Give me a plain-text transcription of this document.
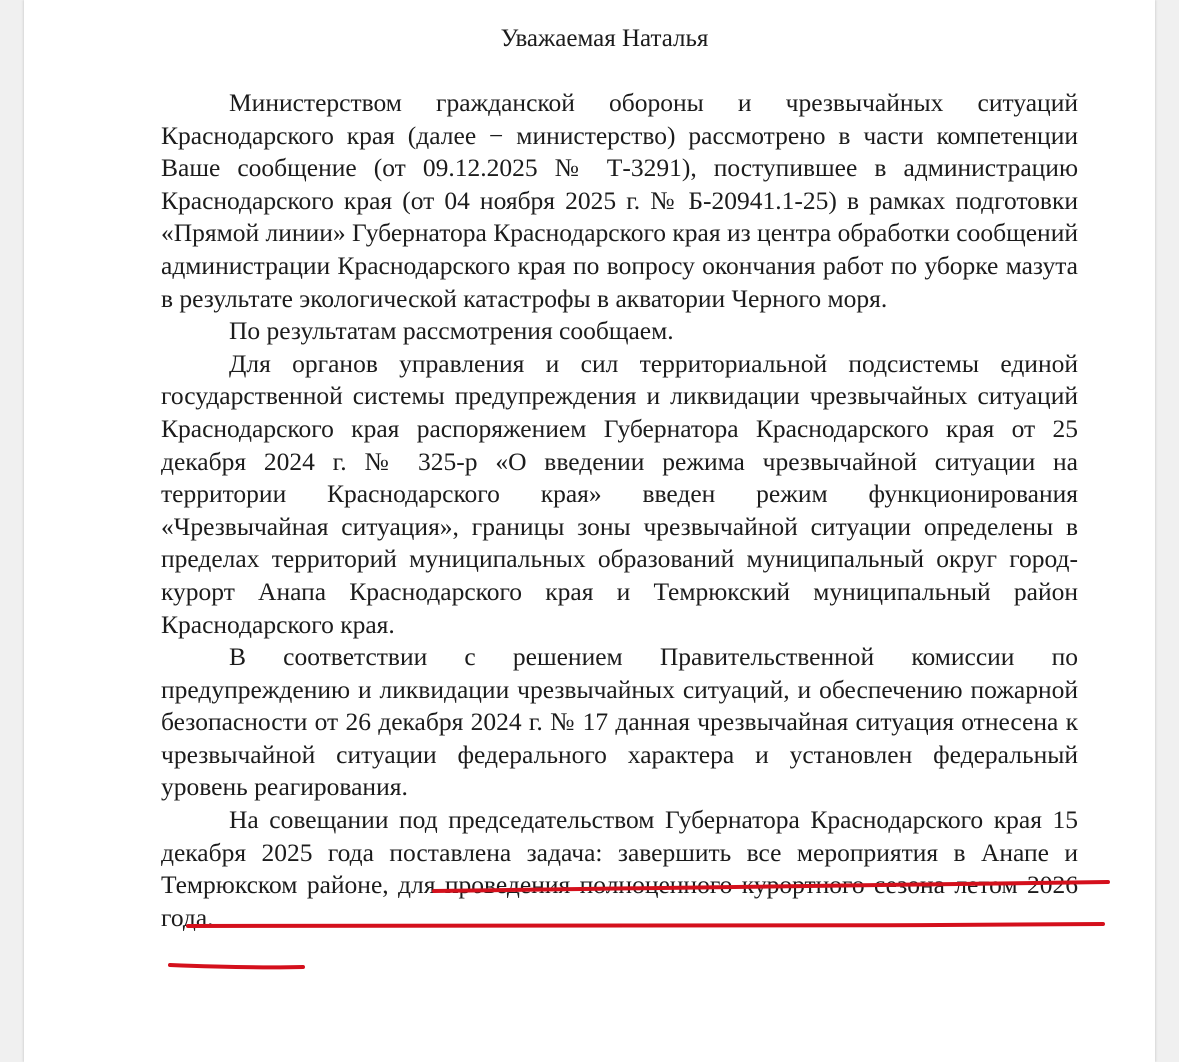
Уважаемая Наталья

Министерством гражданской обороны и чрезвычайных ситуаций Краснодарского края (далее − министерство) рассмотрено в части компетенции Ваше сообщение (от 09.12.2025 № Т-3291), поступившее в администрацию Краснодарского края (от 04 ноября 2025 г. № Б-20941.1-25) в рамках подготовки «Прямой линии» Губернатора Краснодарского края из центра обработки сообщений администрации Краснодарского края по вопросу окончания работ по уборке мазута в результате экологической катастрофы в акватории Черного моря.

По результатам рассмотрения сообщаем.

Для органов управления и сил территориальной подсистемы единой государственной системы предупреждения и ликвидации чрезвычайных ситуаций Краснодарского края распоряжением Губернатора Краснодарского края от 25 декабря 2024 г. № 325-р «О введении режима чрезвычайной ситуации на территории Краснодарского края» введен режим функционирования «Чрезвычайная ситуация», границы зоны чрезвычайной ситуации определены в пределах территорий муниципальных образований муниципальный округ город-курорт Анапа Краснодарского края и Темрюкский муниципальный район Краснодарского края.

В соответствии с решением Правительственной комиссии по предупреждению и ликвидации чрезвычайных ситуаций, и обеспечению пожарной безопасности от 26 декабря 2024 г. № 17 данная чрезвычайная ситуация отнесена к чрезвычайной ситуации федерального характера и установлен федеральный уровень реагирования.

На совещании под председательством Губернатора Краснодарского края 15 декабря 2025 года поставлена задача: завершить все мероприятия в Анапе и Темрюкском районе, для проведения полноценного курортного сезона летом 2026 года.
